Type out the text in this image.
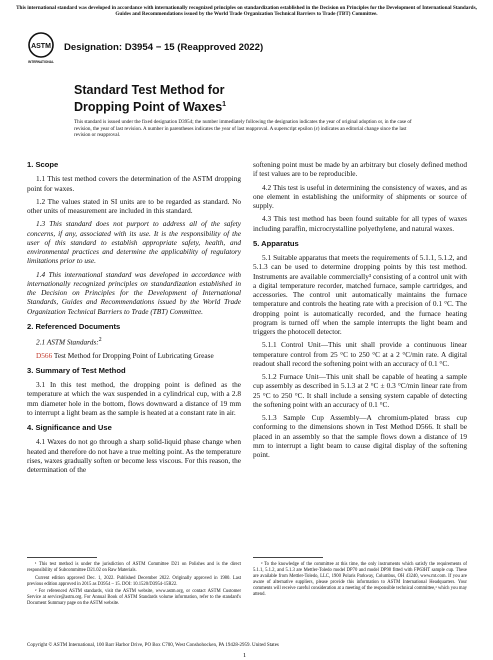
This international standard was developed in accordance with internationally recognized principles on standardization established in the Decision on Principles for the Development of International Standards, Guides and Recommendations issued by the World Trade Organization Technical Barriers to Trade (TBT) Committee.
ASTM
INTERNATIONAL
Designation: D3954 − 15 (Reapproved 2022)
Standard Test Method for
Dropping Point of Waxes$^1$
This standard is issued under the fixed designation D3954; the number immediately following the designation indicates the year of original adoption or, in the case of revision, the year of last revision. A number in parentheses indicates the year of last reapproval. A superscript epsilon (ε) indicates an editorial change since the last revision or reapproval.
1. Scope

1.1 This test method covers the determination of the ASTM dropping point for waxes.

1.2 The values stated in SI units are to be regarded as standard. No other units of measurement are included in this standard.

1.3 This standard does not purport to address all of the safety concerns, if any, associated with its use. It is the responsibility of the user of this standard to establish appropriate safety, health, and environmental practices and determine the applicability of regulatory limitations prior to use.

1.4 This international standard was developed in accordance with internationally recognized principles on standardization established in the Decision on Principles for the Development of International Standards, Guides and Recommendations issued by the World Trade Organization Technical Barriers to Trade (TBT) Committee.

2. Referenced Documents

2.1 ASTM Standards:$^2$

D566 Test Method for Dropping Point of Lubricating Grease

3. Summary of Test Method

3.1 In this test method, the dropping point is defined as the temperature at which the wax suspended in a cylindrical cup, with a 2.8 mm diameter hole in the bottom, flows downward a distance of 19 mm to interrupt a light beam as the sample is heated at a constant rate in air.

4. Significance and Use

4.1 Waxes do not go through a sharp solid-liquid phase change when heated and therefore do not have a true melting point. As the temperature rises, waxes gradually soften or become less viscous. For this reason, the determination of the

softening point must be made by an arbitrary but closely defined method if test values are to be reproducible.

4.2 This test is useful in determining the consistency of waxes, and as one element in establishing the uniformity of shipments or source of supply.

4.3 This test method has been found suitable for all types of waxes including paraffin, microcrystalline polyethylene, and natural waxes.

5. Apparatus

5.1 Suitable apparatus that meets the requirements of 5.1.1, 5.1.2, and 5.1.3 can be used to determine dropping points by this test method. Instruments are available commercially³ consisting of a control unit with a digital temperature recorder, matched furnace, sample cartridges, and accessories. The control unit automatically maintains the furnace temperature and controls the heating rate with a precision of 0.1 °C. The dropping point is automatically recorded, and the furnace heating program is turned off when the sample interrupts the light beam and triggers the photocell detector.

5.1.1 Control Unit—This unit shall provide a continuous linear temperature control from 25 °C to 250 °C at a 2 °C/min rate. A digital readout shall record the softening point with an accuracy of 0.1 °C.

5.1.2 Furnace Unit—This unit shall be capable of heating a sample cup assembly as described in 5.1.3 at 2 °C ± 0.3 °C/min linear rate from 25 °C to 250 °C. It shall include a sensing system capable of detecting the softening point with an accuracy of 0.1 °C.

5.1.3 Sample Cup Assembly—A chromium-plated brass cup conforming to the dimensions shown in Test Method D566. It shall be placed in an assembly so that the sample flows down a distance of 19 mm to interrupt a light beam to cause digital display of the softening point.

¹ This test method is under the jurisdiction of ASTM Committee D21 on Polishes and is the direct responsibility of Subcommittee D21.02 on Raw Materials.

Current edition approved Dec. 1, 2022. Published December 2022. Originally approved in 1980. Last previous edition approved in 2015 as D3954 – 15. DOI: 10.1520/D3954-15R22.

² For referenced ASTM standards, visit the ASTM website, www.astm.org, or contact ASTM Customer Service at service@astm.org. For Annual Book of ASTM Standards volume information, refer to the standard's Document Summary page on the ASTM website.

³ To the knowledge of the committee at this time, the only instruments which satisfy the requirements of 5.1.1, 5.1.2, and 5.1.3 are Mettler-Toledo model DP70 and model DP90 fitted with FP63HT sample cup. These are available from Mettler-Toledo, LLC, 1900 Polaris Parkway, Columbus, OH 43240, www.mt.com. If you are aware of alternative suppliers, please provide this information to ASTM International Headquarters. Your comments will receive careful consideration at a meeting of the responsible technical committee,¹ which you may attend.

Copyright © ASTM International, 100 Barr Harbor Drive, PO Box C700, West Conshohocken, PA 19428-2959. United States
1
